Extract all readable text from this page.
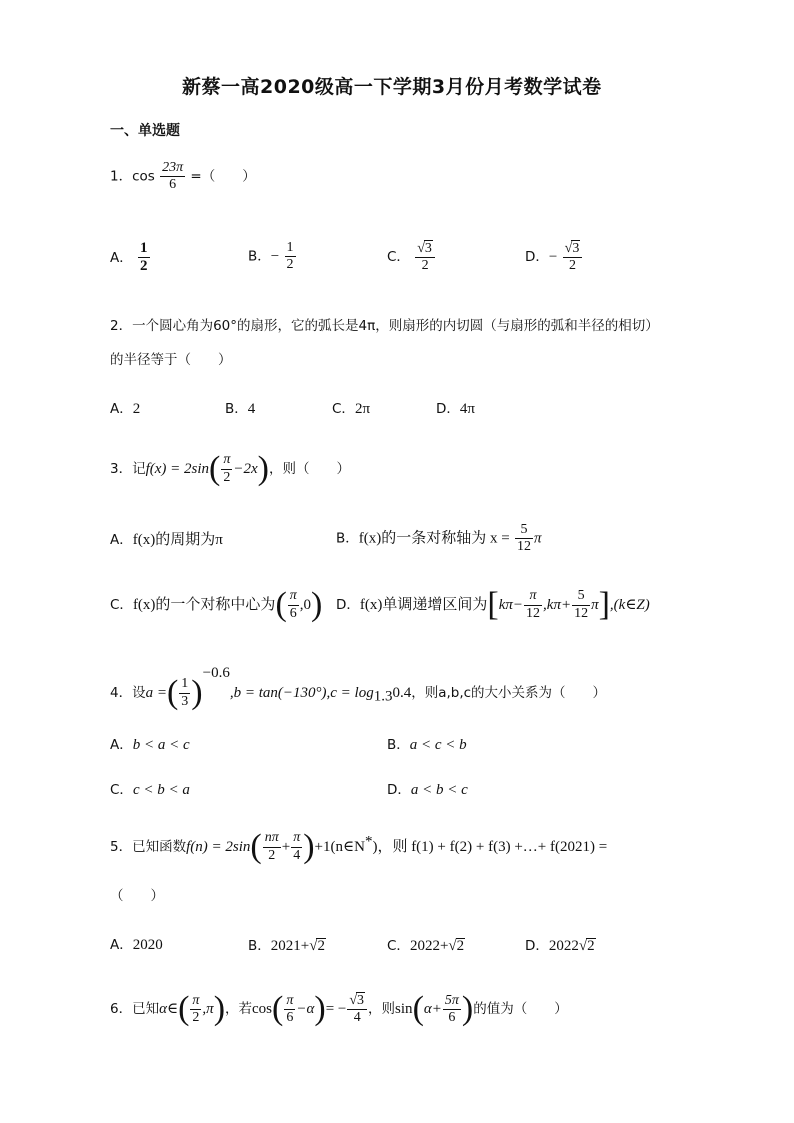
新蔡一高2020级高一下学期3月份月考数学试卷
一、单选题
1．$\cos \frac{23\pi}{6}$ =（　　）
A． $\frac{1}{2}$	B．− $\frac{1}{2}$	C． $\frac{√3}{2}$	D．− $\frac{√3}{2}$
2．一个圆心角为60°的扇形，它的弧长是4π，则扇形的内切圆（与扇形的弧和半径的相切）
的半径等于（　　）
A．2	B．4	C．2π	D．4π
3．记$f(x) = 2\sin( \frac{\pi}{2} -2x)$，则（　　）
A．f(x)的周期为π	B．f(x)的一条对称轴为 $x = \frac{5}{12}$ π
C．f(x)的一个对称中心为( $\frac{\pi}{6} ,0$) D．f(x)单调递增区间为[$k\pi- \frac{\pi}{12} ,k\pi+ \frac{5}{12}$ π],(k∈Z)
4．设a =( $\frac{1}{3} )^{-0.6},b = \tan(-130^\circ),c = \log_{1.3}0.4$，则a,b,c的大小关系为（　　）
A．b < a < c	B．a < c < b
C．c < b < a	D．a < b < c
5．已知函数$f(n) = 2\sin( \frac{n\pi}{2} + \frac{\pi}{4}$ )+1(n∈N*)，则 f(1) + f(2) + f(3) +…+ f(2021) =
（　　）
A．2020	B．2021+√2	C．2022+√2	D．2022√2
6．已知α∈( $\frac{\pi}{2} ,\pi$)，若$\cos( \frac{\pi}{6} -\alpha)= - \frac{√3}{4}$ ，则$\sin(\alpha+ \frac{5\pi}{6}$ )的值为（　　）
